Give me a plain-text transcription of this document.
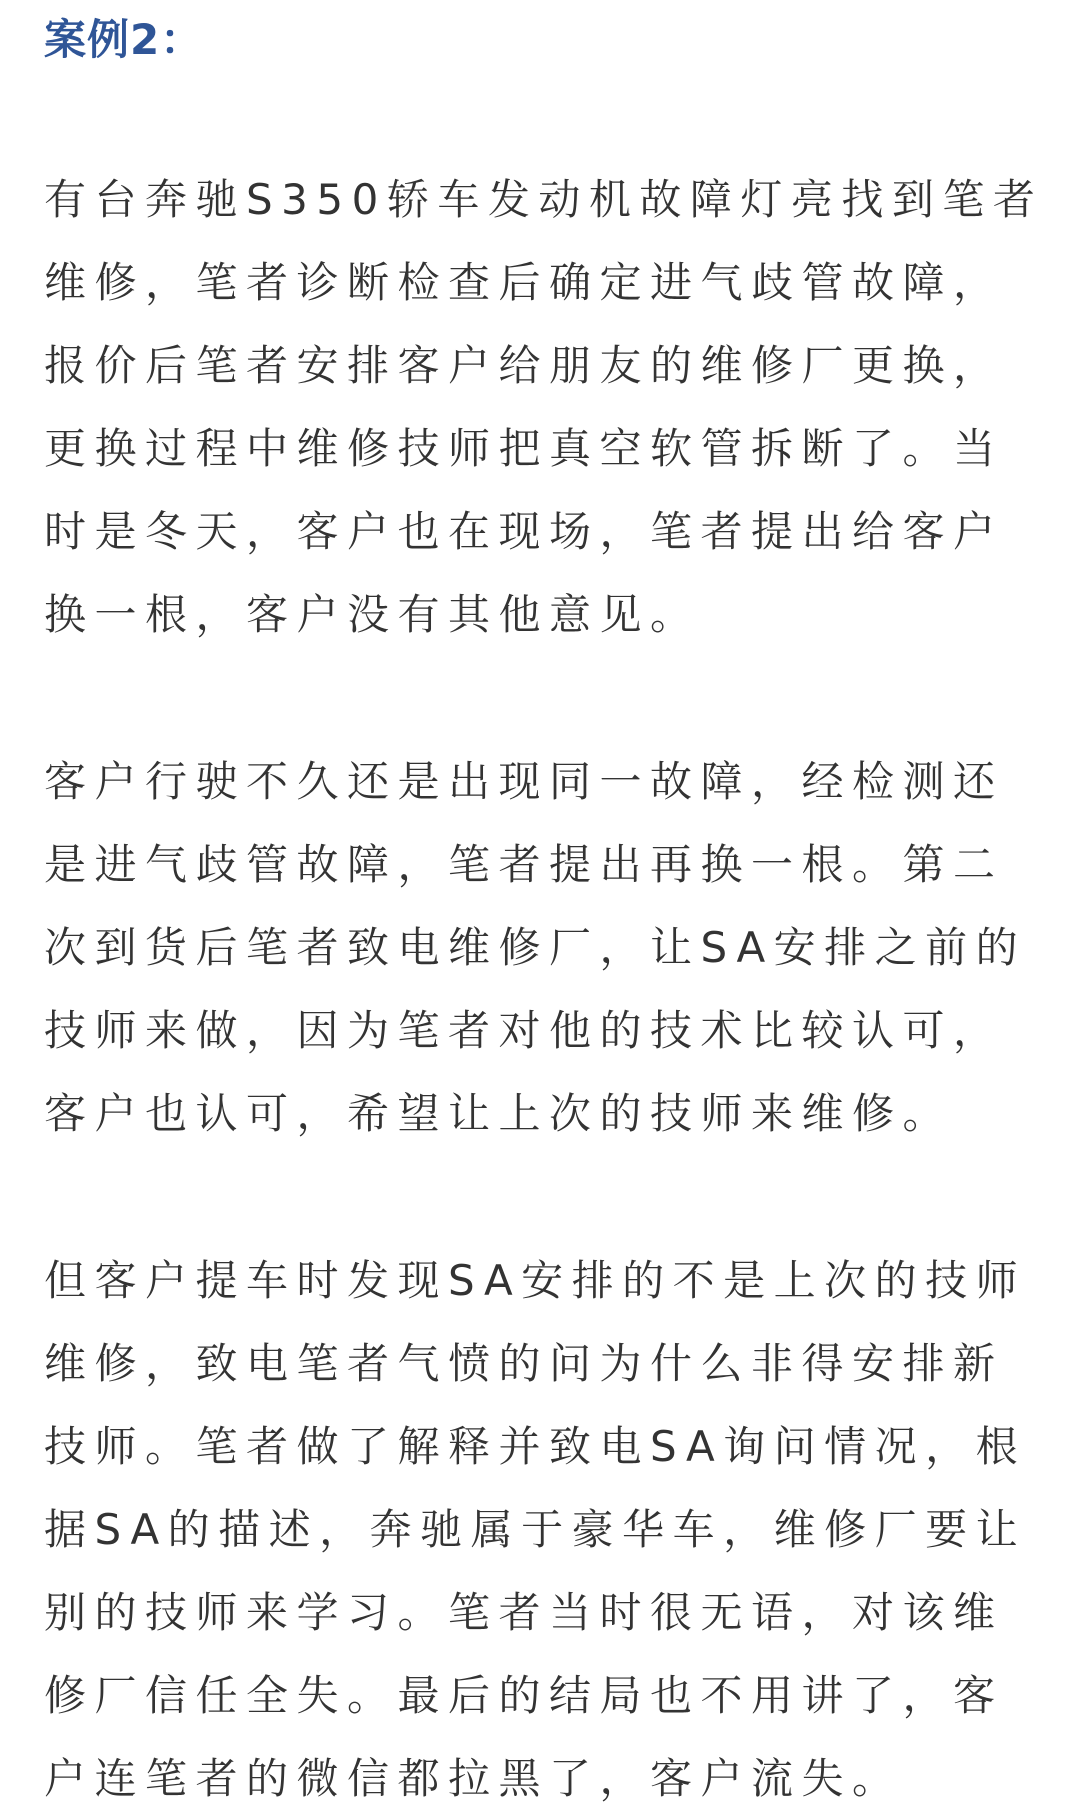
案例2：
有台奔驰S350轿车发动机故障灯亮找到笔者
维修，笔者诊断检查后确定进气歧管故障，
报价后笔者安排客户给朋友的维修厂更换，
更换过程中维修技师把真空软管拆断了。当
时是冬天，客户也在现场，笔者提出给客户
换一根，客户没有其他意见。
客户行驶不久还是出现同一故障，经检测还
是进气歧管故障，笔者提出再换一根。第二
次到货后笔者致电维修厂，让SA安排之前的
技师来做，因为笔者对他的技术比较认可，
客户也认可，希望让上次的技师来维修。
但客户提车时发现SA安排的不是上次的技师
维修，致电笔者气愤的问为什么非得安排新
技师。笔者做了解释并致电SA询问情况，根
据SA的描述，奔驰属于豪华车，维修厂要让
别的技师来学习。笔者当时很无语，对该维
修厂信任全失。最后的结局也不用讲了，客
户连笔者的微信都拉黑了，客户流失。
